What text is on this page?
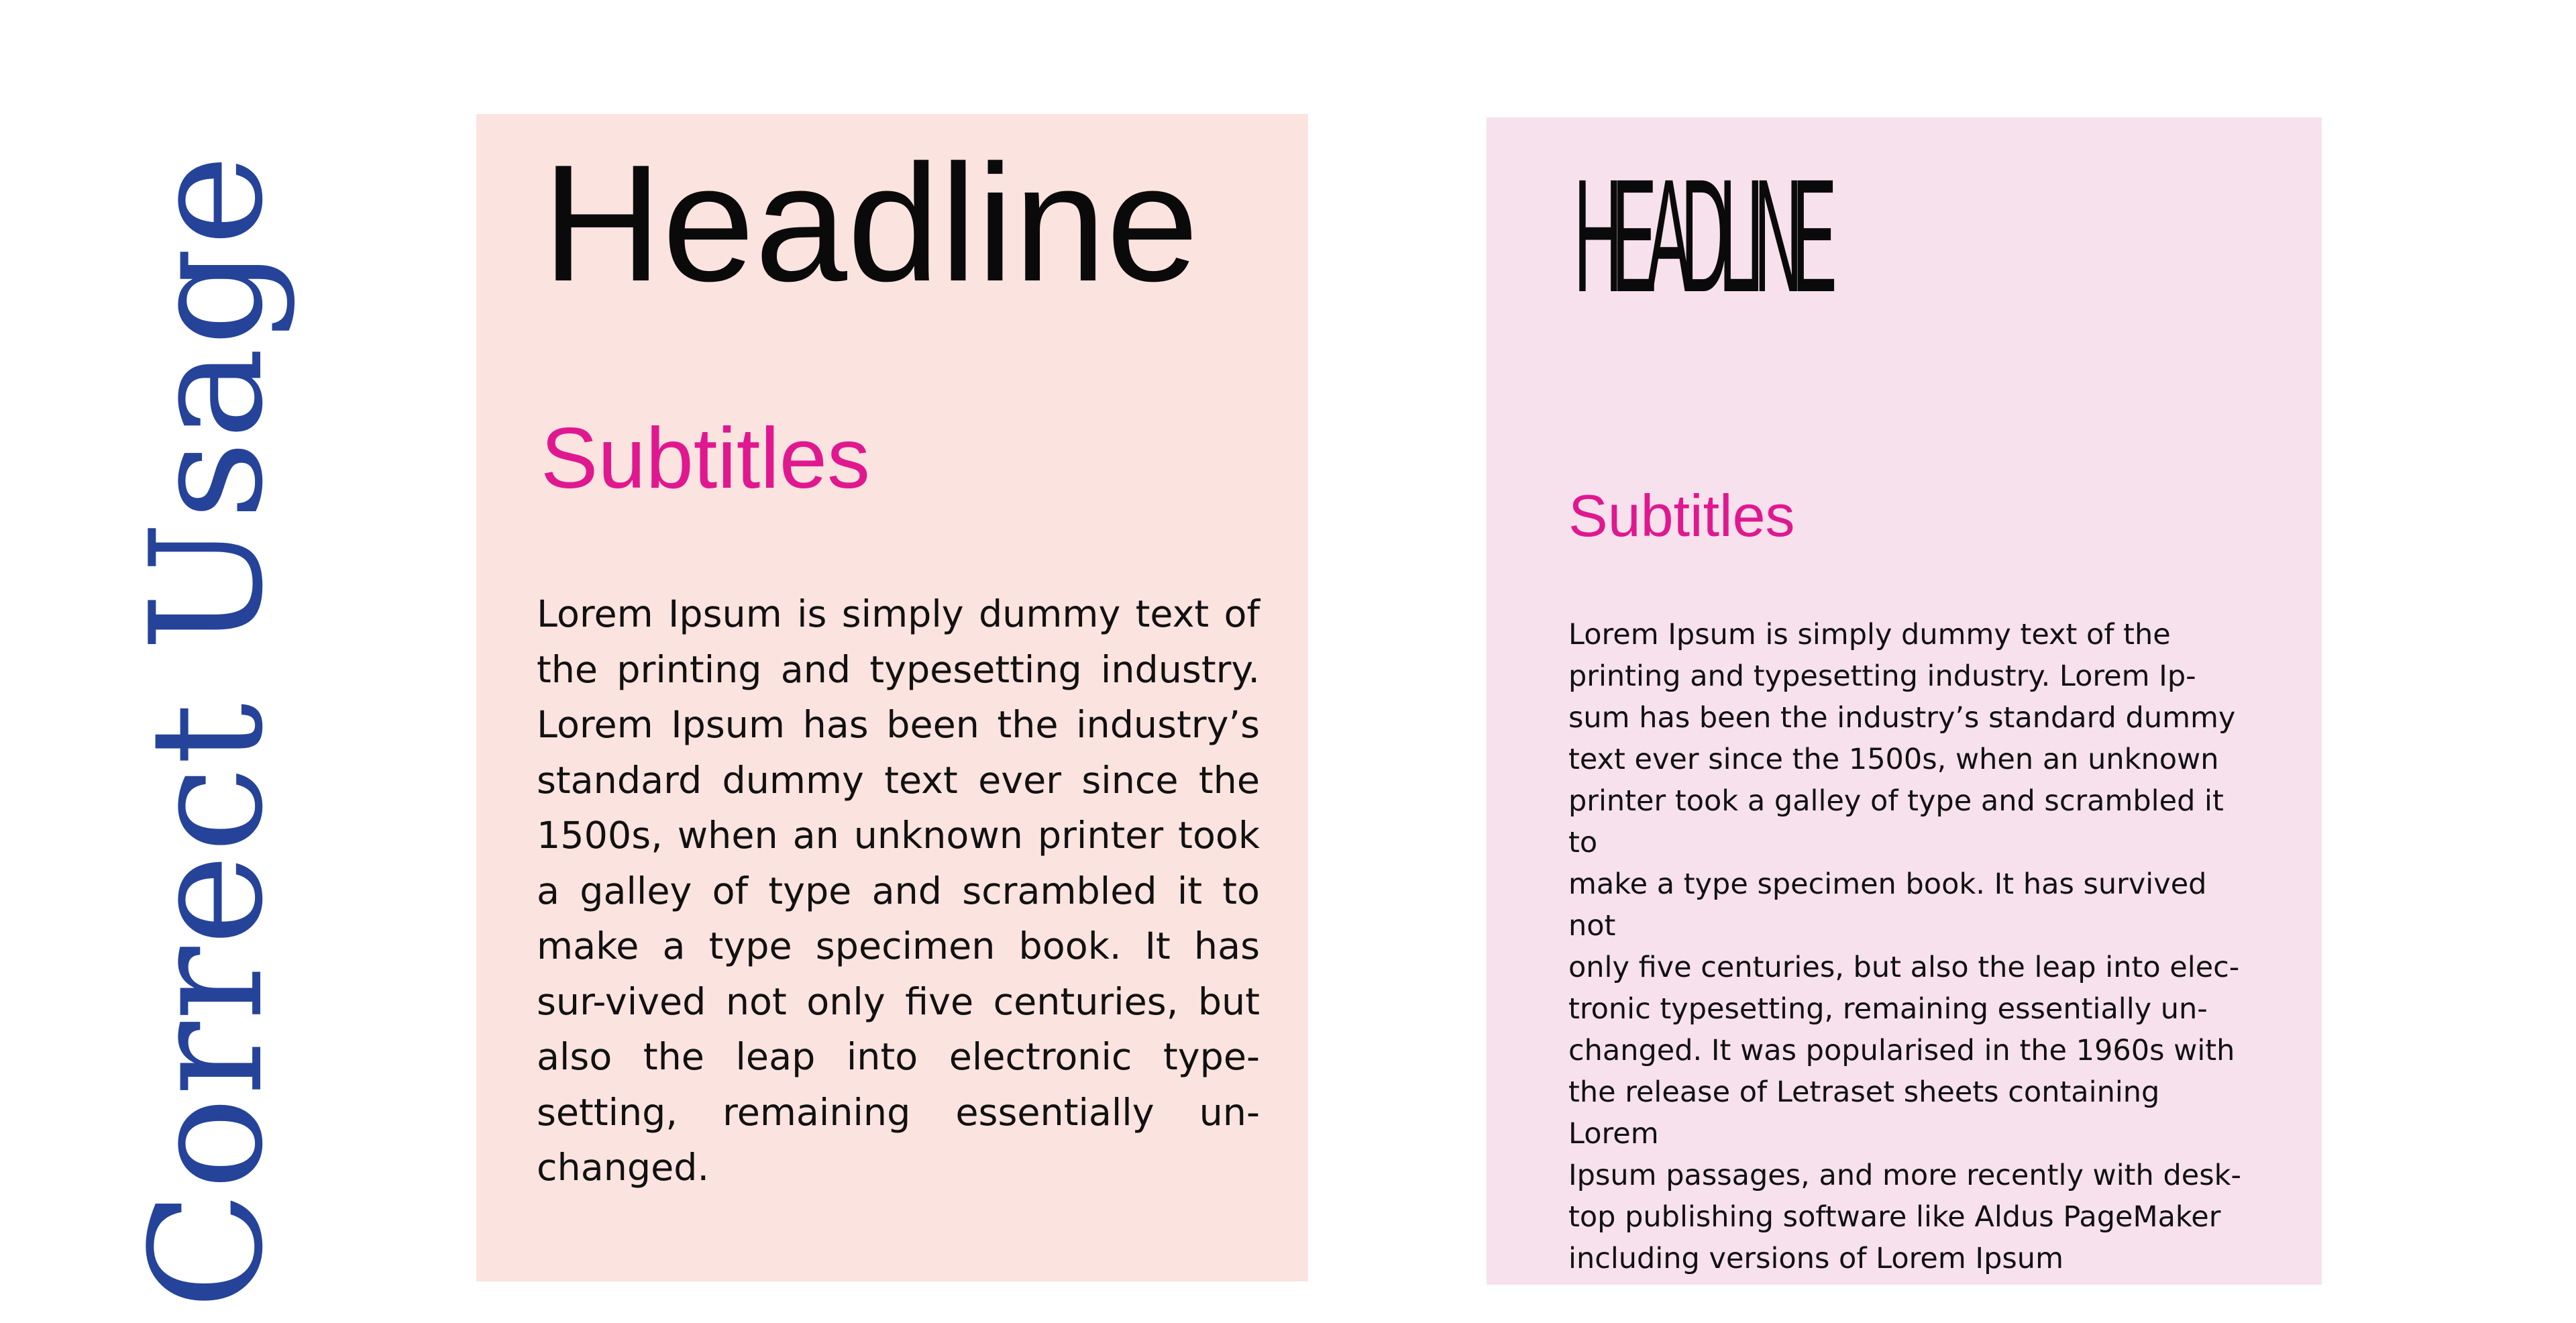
Correct Usage Headline
Subtitles

Lorem Ipsum is simply dummy text of the printing and typesetting industry. Lorem Ipsum has been the industry’s standard dummy text ever since the 1500s, when an unknown printer took a galley of type and scrambled it to make a type specimen book. It has sur-vived not only five centuries, but also the leap into electronic type-setting, remaining essentially un-changed.

HEADLINE
Subtitles

Lorem Ipsum is simply dummy text of the
printing and typesetting industry. Lorem Ip-
sum has been the industry’s standard dummy
text ever since the 1500s, when an unknown
printer took a galley of type and scrambled it to
make a type specimen book. It has survived not
only five centuries, but also the leap into elec-
tronic typesetting, remaining essentially un-
changed. It was popularised in the 1960s with
the release of Letraset sheets containing Lorem
Ipsum passages, and more recently with desk-
top publishing software like Aldus PageMaker
including versions of Lorem Ipsum
